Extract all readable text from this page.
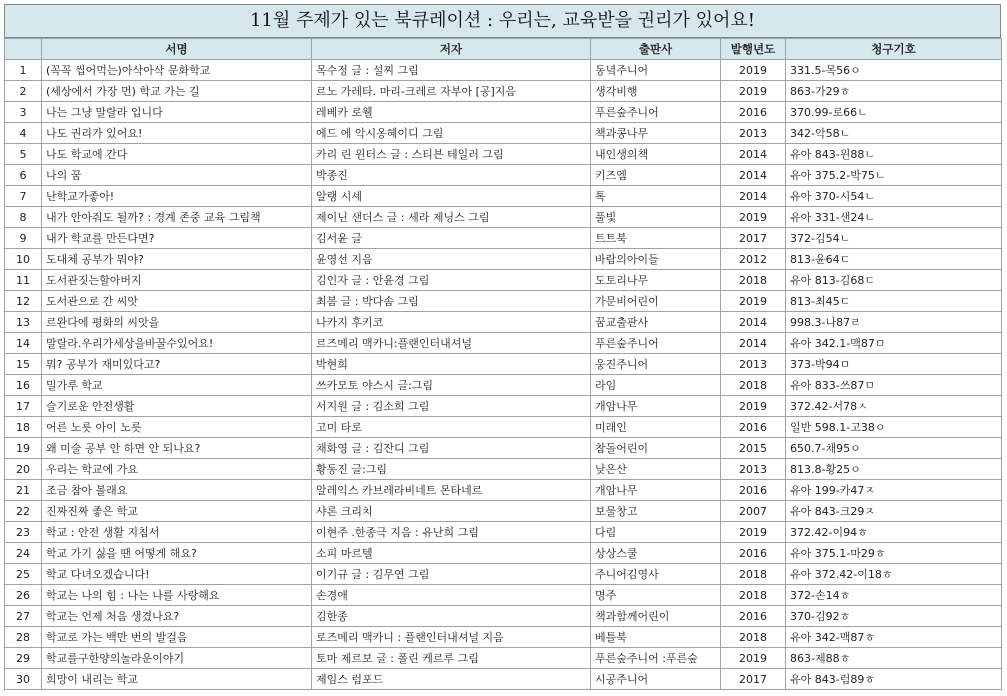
11월 주제가 있는 북큐레이션 : 우리는, 교육받을 권리가 있어요!
	서명	저자	출판사	발행년도	청구기호
1	(꼭꼭 씹어먹는)아삭아삭 문화학교	목수정 글 : 설찌 그림	동녘주니어	2019	331.5-목56ㅇ
2	(세상에서 가장 먼) 학교 가는 길	르노 가레타. 마리-크레르 자부아 [공]지음	생각비행	2019	863-가29ㅎ
3	나는 그냥 말랄라 입니다	레베카 로웰	푸른숲주니어	2016	370.99-로66ㄴ
4	나도 권리가 있어요!	에드 에 악시옹혜이디 그림	책과콩나무	2013	342-악58ㄴ
5	나도 학교에 간다	카리 린 윈터스 글 : 스티븐 테일러 그림	내인생의책	2014	유아 843-윈88ㄴ
6	나의 꿈	박종진	키즈엠	2014	유아 375.2-박75ㄴ
7	난학교가좋아!	알랭 시셰	톡	2014	유아 370-시54ㄴ
8	내가 안아줘도 될까? : 경계 존중 교육 그림책	제이닌 샌더스 글 : 세라 제닝스 그림	풀빛	2019	유아 331-샌24ㄴ
9	내가 학교를 만든다면?	김서윤 글	트트북	2017	372-김54ㄴ
10	도대체 공부가 뭐야?	윤영선 지음	바람의아이들	2012	813-윤64ㄷ
11	도서관짓는할아버지	김인자 글 : 안윤경 그림	도토리나무	2018	유아 813-김68ㄷ
12	도서관으로 간 씨앗	최봄 글 : 박다솜 그림	가문비어린이	2019	813-최45ㄷ
13	르완다에 평화의 씨앗을	나카지 후키코	꿈교출판사	2014	998.3-나87ㄹ
14	말랄라.우리가세상을바꿀수있어요!	르즈메리 맥카니:플랜인터내셔널	푸른숲주니어	2014	유아 342.1-맥87ㅁ
15	뭐? 공부가 재미있다고?	박현희	웅진주니어	2013	373-박94ㅁ
16	밀가루 학교	쓰카모토 야스시 글:그림	라임	2018	유아 833-쓰87ㅁ
17	슬기로운 안전생활	서지원 글 : 김소희 그림	개암나무	2019	372.42-서78ㅅ
18	어른 노릇 아이 노릇	고미 타로	미래인	2016	일반 598.1-고38ㅇ
19	왜 미술 공부 안 하면 안 되나요?	채화영 글 : 김잔디 그림	참돌어린이	2015	650.7-채95ㅇ
20	우리는 학교에 가요	황동진 글:그림	낮은산	2013	813.8-황25ㅇ
21	조금 참아 볼래요	알레익스 카브레라비네트 몬타네르	개암나무	2016	유아 199-카47ㅈ
22	진짜진짜 좋은 학교	샤론 크리치	보물창고	2007	유아 843-크29ㅈ
23	학교 : 안전 생활 지침서	이현주 .한종극 지음 : 유난희 그림	다림	2019	372.42-이94ㅎ
24	학교 가기 싫을 땐 어떻게 해요?	소피 마르텔	상상스쿨	2016	유아 375.1-마29ㅎ
25	학교 다녀오겠습니다!	이기규 글 : 김무연 그림	주니어김영사	2018	유아 372.42-이18ㅎ
26	학교는 나의 힘 : 나는 나를 사랑해요	손경애	명주	2018	372-손14ㅎ
27	학교는 언제 처음 생겼나요?	김한종	책과함께어린이	2016	370-김92ㅎ
28	학교로 가는 백만 번의 발걸음	로즈메리 맥카니 : 플랜인터내셔널 지음	베틀북	2018	유아 342-맥87ㅎ
29	학교를구한양의놀라운이야기	토마 제르보 글 : 폴린 케르루 그림	푸른숲주니어 :푸른숲	2019	863-제88ㅎ
30	희망이 내리는 학교	제임스 럼포드	시공주니어	2017	유아 843-럼89ㅎ
